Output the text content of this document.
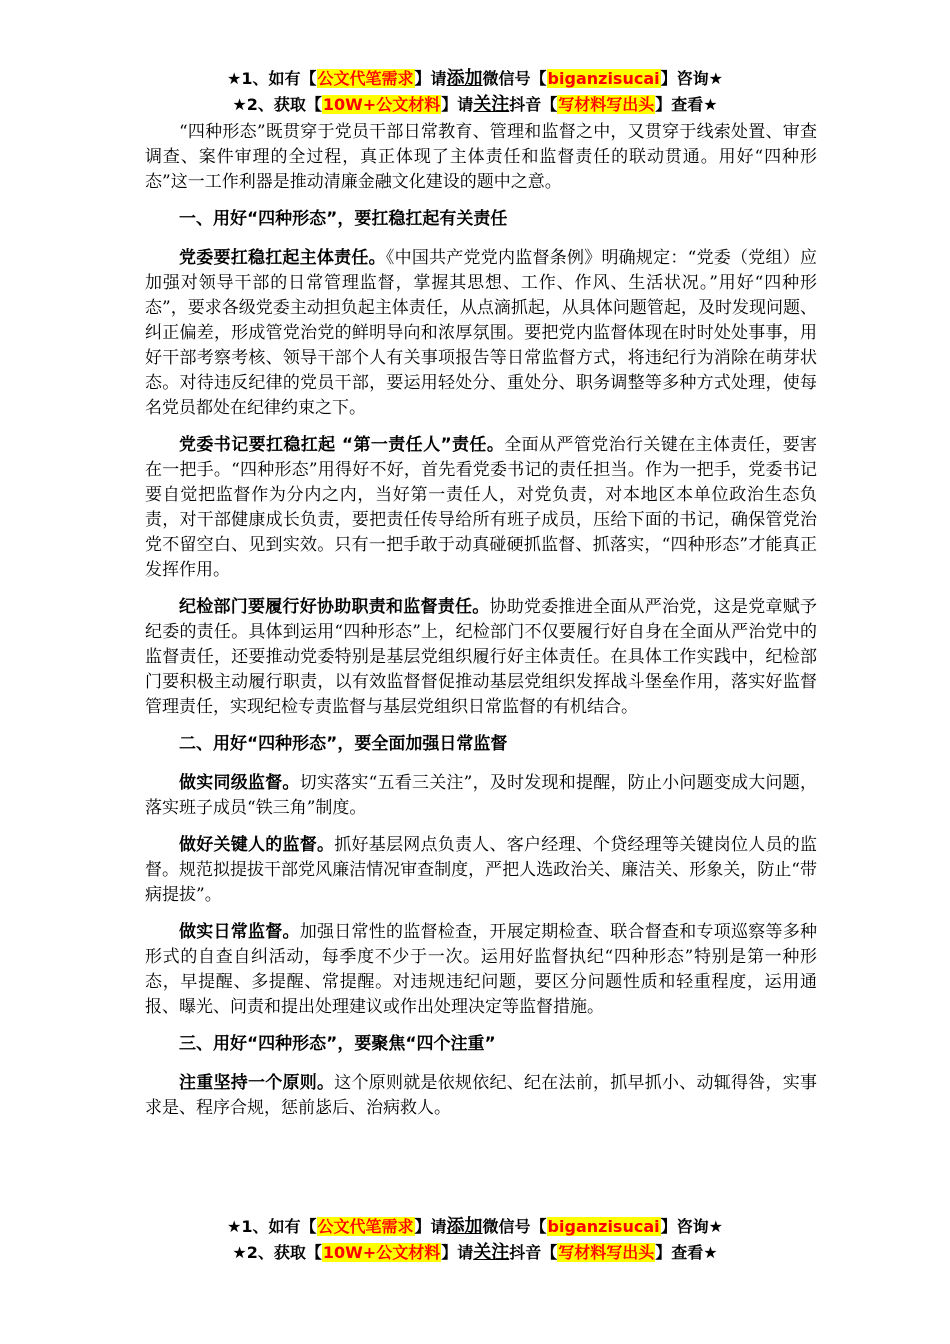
★1、如有【公文代笔需求】请添加微信号【biganzisucai】咨询★
★2、获取【10W+公文材料】请关注抖音【写材料写出头】查看★

“四种形态”既贯穿于党员干部日常教育、管理和监督之中，又贯穿于线索处置、审查调查、案件审理的全过程，真正体现了主体责任和监督责任的联动贯通。用好“四种形态”这一工作利器是推动清廉金融文化建设的题中之意。

一、用好“四种形态”，要扛稳扛起有关责任

党委要扛稳扛起主体责任。《中国共产党党内监督条例》明确规定：“党委（党组）应加强对领导干部的日常管理监督，掌握其思想、工作、作风、生活状况。”用好“四种形态”，要求各级党委主动担负起主体责任，从点滴抓起，从具体问题管起，及时发现问题、纠正偏差，形成管党治党的鲜明导向和浓厚氛围。要把党内监督体现在时时处处事事，用好干部考察考核、领导干部个人有关事项报告等日常监督方式，将违纪行为消除在萌芽状态。对待违反纪律的党员干部，要运用轻处分、重处分、职务调整等多种方式处理，使每名党员都处在纪律约束之下。

党委书记要扛稳扛起 “第一责任人”责任。全面从严管党治行关键在主体责任，要害在一把手。“四种形态”用得好不好，首先看党委书记的责任担当。作为一把手，党委书记要自觉把监督作为分内之内，当好第一责任人，对党负责，对本地区本单位政治生态负责，对干部健康成长负责，要把责任传导给所有班子成员，压给下面的书记，确保管党治党不留空白、见到实效。只有一把手敢于动真碰硬抓监督、抓落实，“四种形态”才能真正发挥作用。

纪检部门要履行好协助职责和监督责任。协助党委推进全面从严治党，这是党章赋予纪委的责任。具体到运用“四种形态”上，纪检部门不仅要履行好自身在全面从严治党中的监督责任，还要推动党委特别是基层党组织履行好主体责任。在具体工作实践中，纪检部门要积极主动履行职责，以有效监督督促推动基层党组织发挥战斗堡垒作用，落实好监督管理责任，实现纪检专责监督与基层党组织日常监督的有机结合。

二、用好“四种形态”，要全面加强日常监督

做实同级监督。切实落实“五看三关注”，及时发现和提醒，防止小问题变成大问题，落实班子成员“铁三角”制度。

做好关键人的监督。抓好基层网点负责人、客户经理、个贷经理等关键岗位人员的监督。规范拟提拔干部党风廉洁情况审查制度，严把人选政治关、廉洁关、形象关，防止“带病提拔”。

做实日常监督。加强日常性的监督检查，开展定期检查、联合督查和专项巡察等多种形式的自查自纠活动，每季度不少于一次。运用好监督执纪“四种形态”特别是第一种形态，早提醒、多提醒、常提醒。对违规违纪问题，要区分问题性质和轻重程度，运用通报、曝光、问责和提出处理建议或作出处理决定等监督措施。

三、用好“四种形态”，要聚焦“四个注重”

注重坚持一个原则。这个原则就是依规依纪、纪在法前，抓早抓小、动辄得咎，实事求是、程序合规，惩前毖后、治病救人。

★1、如有【公文代笔需求】请添加微信号【biganzisucai】咨询★
★2、获取【10W+公文材料】请关注抖音【写材料写出头】查看★
